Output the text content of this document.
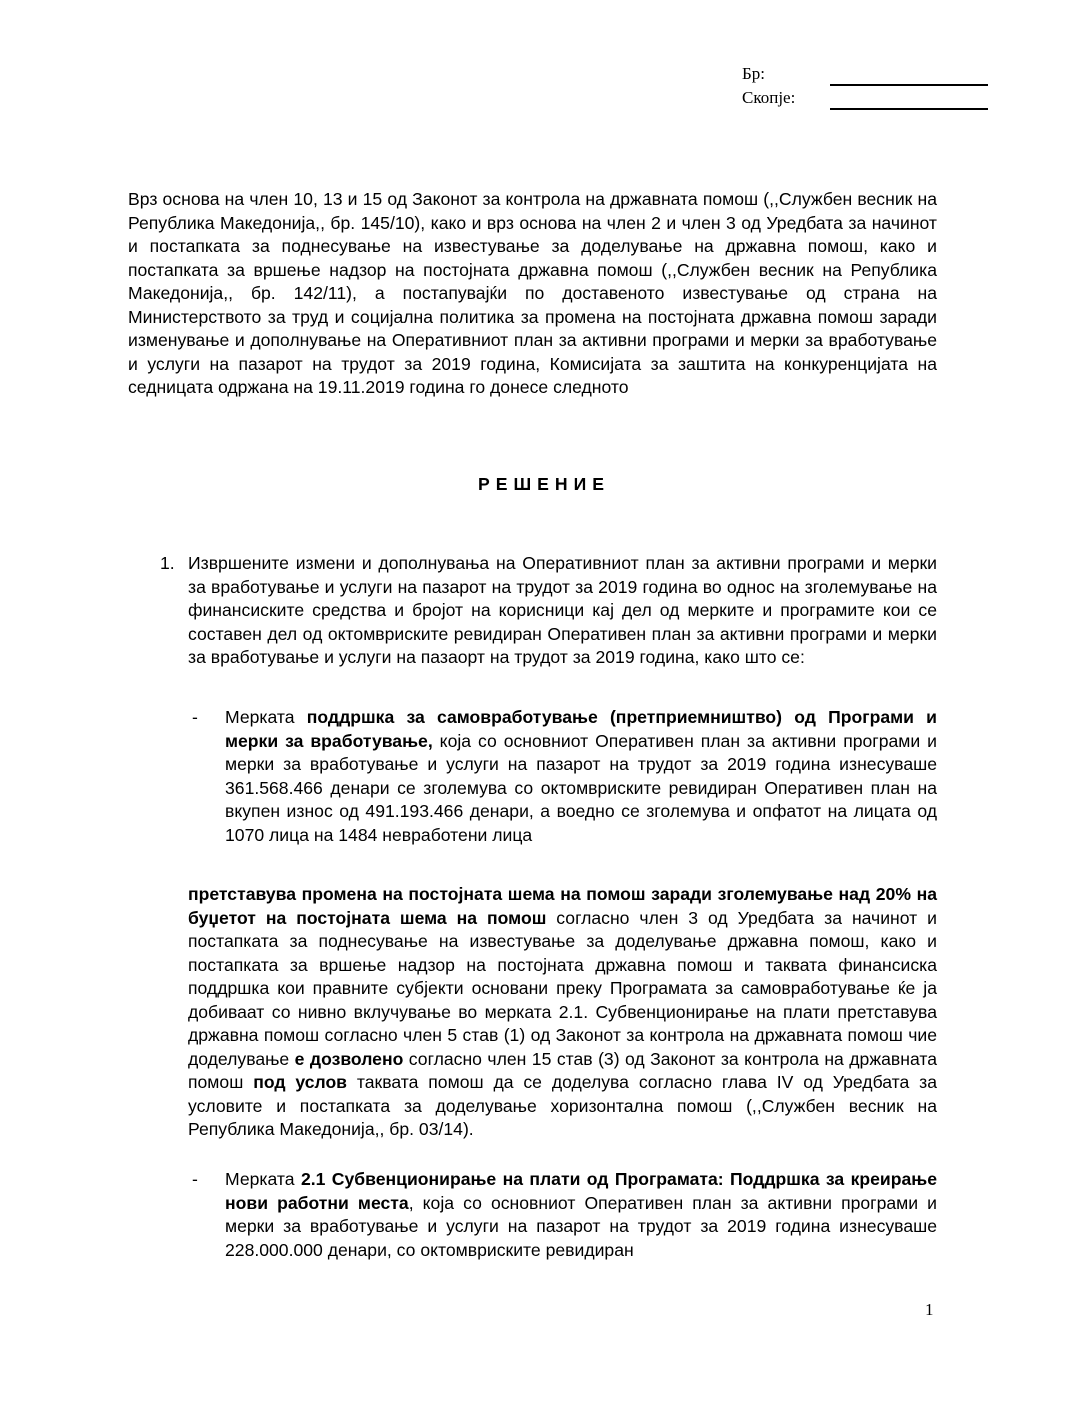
Бр:
Скопје:

Врз основа на член 10, 13 и 15 од Законот за контрола на државната помош (,,Службен весник на Република Македонија,, бр. 145/10), како и врз основа на член 2 и член 3 од Уредбата за начинот и постапката за поднесување на известување за доделување на државна помош, како и постапката за вршење надзор на постојната државна помош (,,Службен весник на Република Македонија,, бр. 142/11), а постапувајќи по доставеното известување од страна на Министерството за труд и социјална политика за промена на постојната државна помош заради изменување и дополнување на Оперативниот план за активни програми и мерки за вработување и услуги на пазарот на трудот за 2019 година, Комисијата за заштита на конкуренцијата на седницата одржана на 19.11.2019 година го донесе следното

РЕШЕНИЕ
1. Извршените измени и дополнувања на Оперативниот план за активни програми и мерки за вработување и услуги на пазарот на трудот за 2019 година во однос на зголемување на финансиските средства и бројот на корисници кај дел од мерките и програмите кои се составен дел од октомвриските ревидиран Оперативен план за активни програми и мерки за вработување и услуги на пазаорт на трудот за 2019 година, како што се:

- Мерката поддршка за самовработување (претприемништво) од Програми и мерки за вработување, која со основниот Оперативен план за активни програми и мерки за вработување и услуги на пазарот на трудот за 2019 година изнесуваше 361.568.466 денари се зголемува со октомвриските ревидиран Оперативен план на вкупен износ од 491.193.466 денари, а воедно се зголемува и опфатот на лицата од 1070 лица на 1484 невработени лица

претставува промена на постојната шема на помош заради зголемување над 20% на буџетот на постојната шема на помош согласно член 3 од Уредбата за начинот и постапката за поднесување на известување за доделување државна помош, како и постапката за вршење надзор на постојната државна помош и таквата финансиска поддршка кои правните субјекти основани преку Програмата за самовработување ќе ја добиваат со нивно вклучување во мерката 2.1. Субвенционирање на плати претставува државна помош согласно член 5 став (1) од Законот за контрола на државната помош чие доделување е дозволено согласно член 15 став (3) од Законот за контрола на државната помош под услов таквата помош да се доделува согласно глава IV од Уредбата за условите и постапката за доделување хоризонтална помош (,,Службен весник на Република Македонија,, бр. 03/14).

- Мерката 2.1 Субвенционирање на плати од Програмата: Поддршка за креирање нови работни места, која со основниот Оперативен план за активни програми и мерки за вработување и услуги на пазарот на трудот за 2019 година изнесуваше 228.000.000 денари, со октомвриските ревидиран

1
